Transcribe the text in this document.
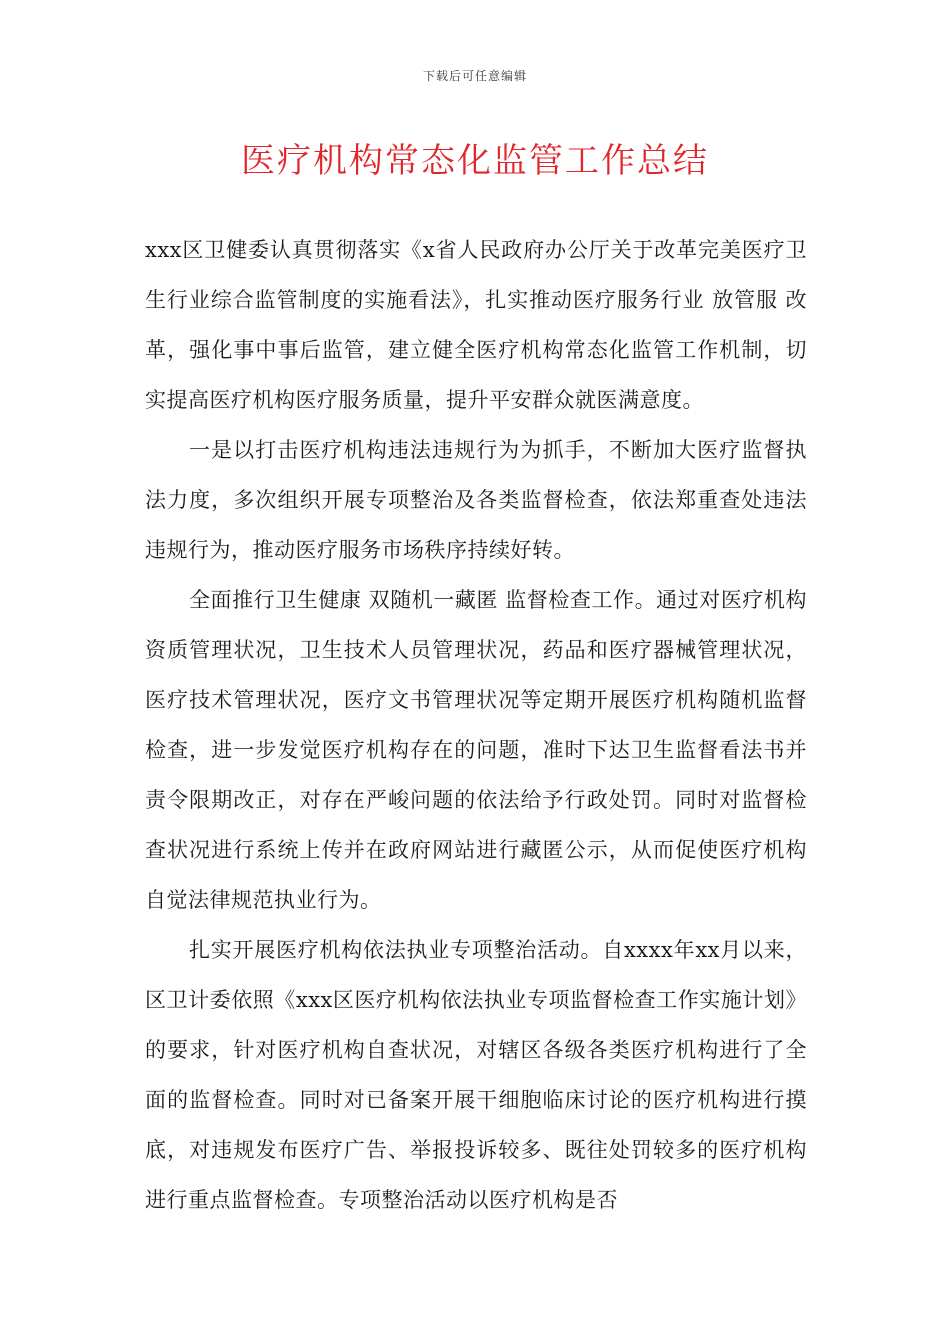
下载后可任意编辑
医疗机构常态化监管工作总结

xxx区卫健委认真贯彻落实《x省人民政府办公厅关于改革完美医疗卫生行业综合监管制度的实施看法》，扎实推动医疗服务行业 放管服 改革，强化事中事后监管，建立健全医疗机构常态化监管工作机制，切实提高医疗机构医疗服务质量，提升平安群众就医满意度。

一是以打击医疗机构违法违规行为为抓手，不断加大医疗监督执法力度，多次组织开展专项整治及各类监督检查，依法郑重查处违法违规行为，推动医疗服务市场秩序持续好转。

全面推行卫生健康 双随机一藏匿 监督检查工作。通过对医疗机构资质管理状况，卫生技术人员管理状况，药品和医疗器械管理状况，医疗技术管理状况，医疗文书管理状况等定期开展医疗机构随机监督检查，进一步发觉医疗机构存在的问题，准时下达卫生监督看法书并责令限期改正，对存在严峻问题的依法给予行政处罚。同时对监督检查状况进行系统上传并在政府网站进行藏匿公示，从而促使医疗机构自觉法律规范执业行为。

扎实开展医疗机构依法执业专项整治活动。自xxxx年xx月以来，区卫计委依照《xxx区医疗机构依法执业专项监督检查工作实施计划》的要求，针对医疗机构自查状况，对辖区各级各类医疗机构进行了全面的监督检查。同时对已备案开展干细胞临床讨论的医疗机构进行摸底，对违规发布医疗广告、举报投诉较多、既往处罚较多的医疗机构进行重点监督检查。专项整治活动以医疗机构是否
